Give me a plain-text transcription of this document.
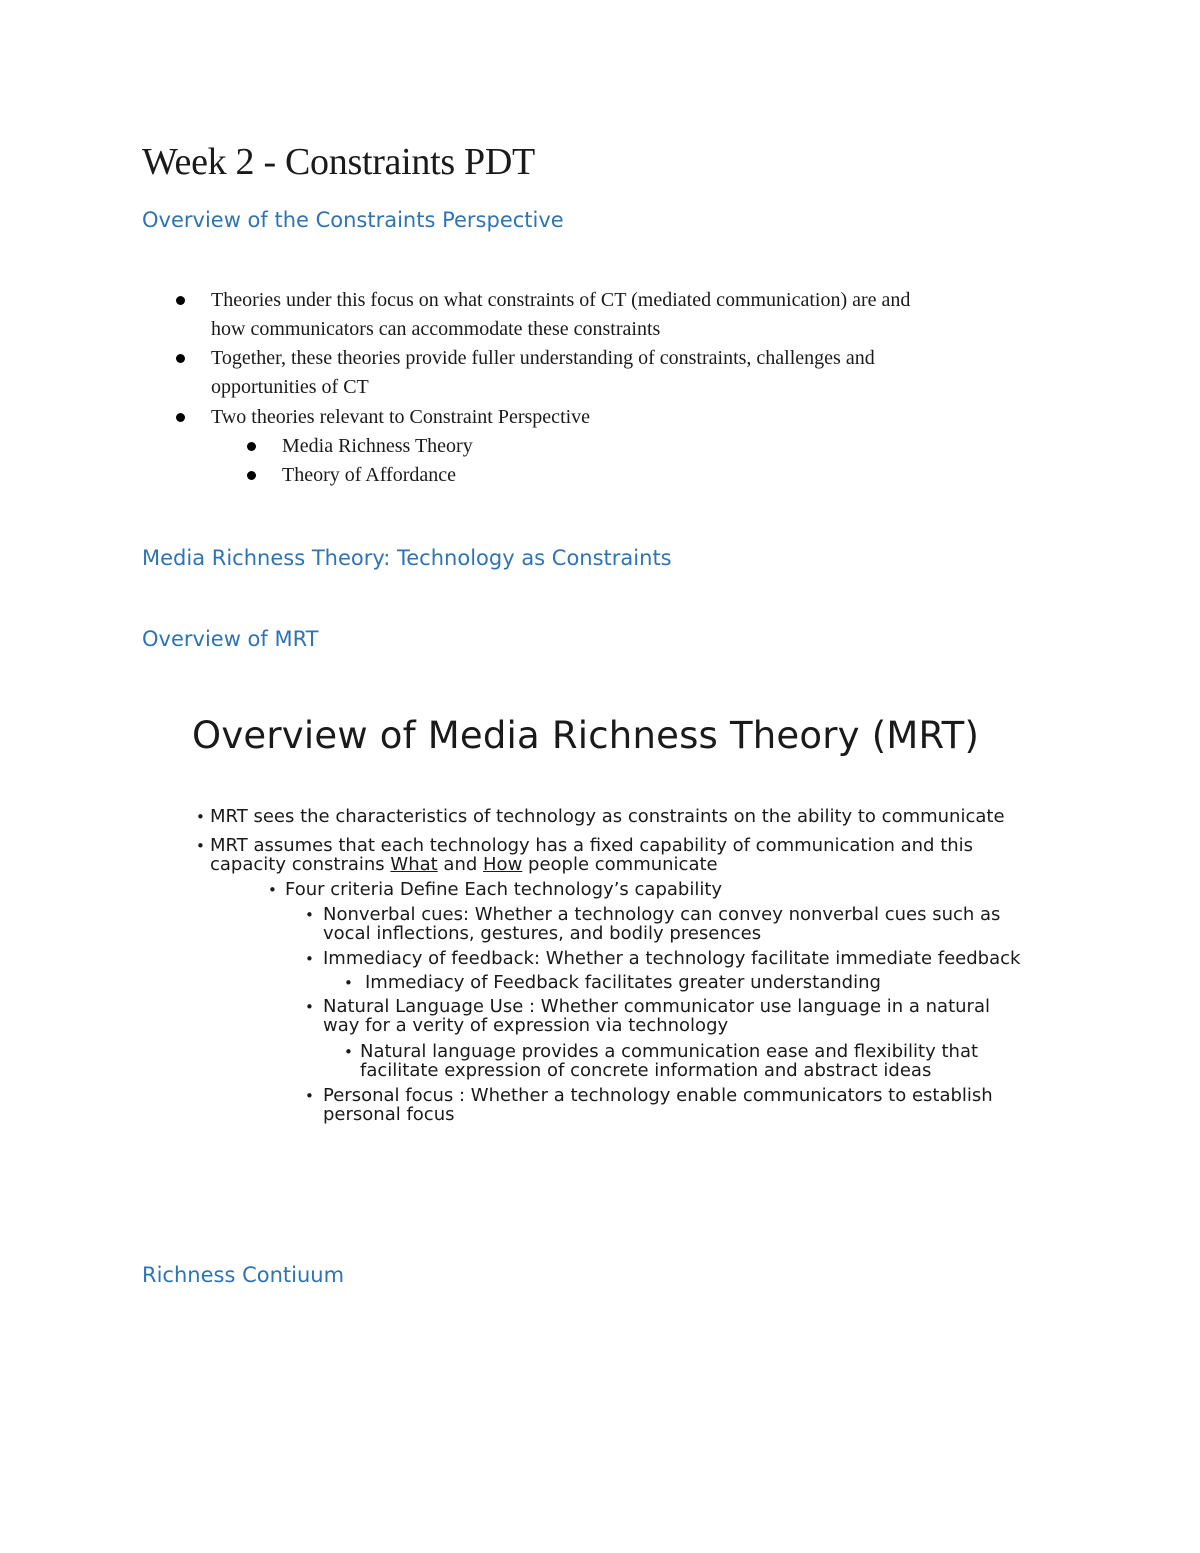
Week 2 - Constraints PDT
Overview of the Constraints Perspective
Theories under this focus on what constraints of CT (mediated communication) are and
how communicators can accommodate these constraints
Together, these theories provide fuller understanding of constraints, challenges and
opportunities of CT
Two theories relevant to Constraint Perspective
Media Richness Theory
Theory of Affordance
Media Richness Theory: Technology as Constraints
Overview of MRT
Overview of Media Richness Theory (MRT)
• MRT sees the characteristics of technology as constraints on the ability to communicate
• MRT assumes that each technology has a fixed capability of communication and this
capacity constrains What and How people communicate
• Four criteria Define Each technology’s capability
• Nonverbal cues: Whether a technology can convey nonverbal cues such as
vocal inflections, gestures, and bodily presences
• Immediacy of feedback: Whether a technology facilitate immediate feedback
• Immediacy of Feedback facilitates greater understanding
• Natural Language Use : Whether communicator use language in a natural
way for a verity of expression via technology
• Natural language provides a communication ease and flexibility that
facilitate expression of concrete information and abstract ideas
• Personal focus : Whether a technology enable communicators to establish
personal focus
Richness Contiuum
